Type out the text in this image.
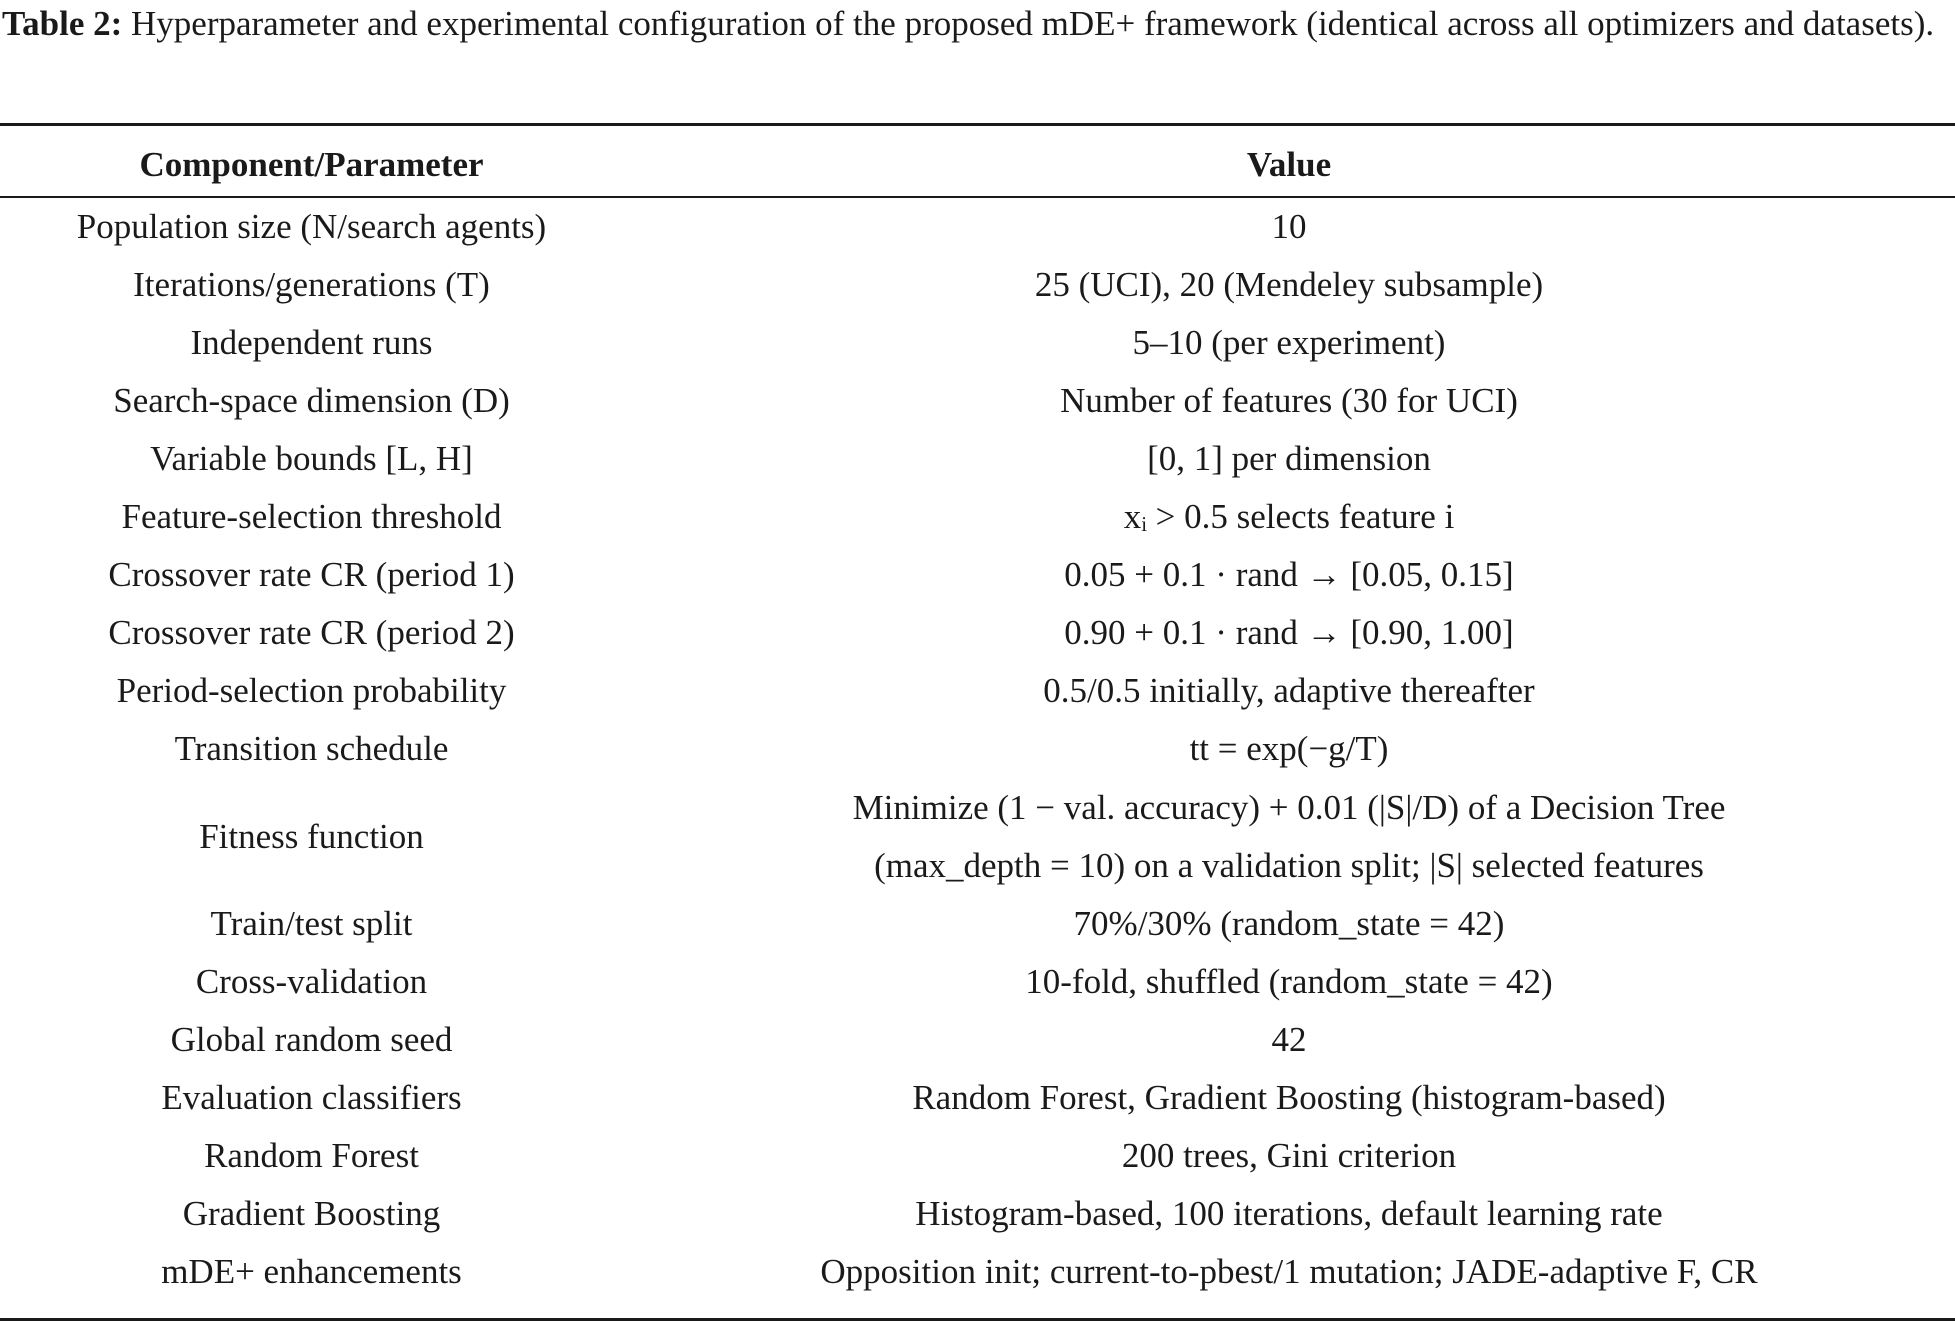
Table 2: Hyperparameter and experimental configuration of the proposed mDE+ framework (identical across all optimizers and datasets).
Component/Parameter	Value
Population size (N/search agents)	10
Iterations/generations (T)	25 (UCI), 20 (Mendeley subsample)
Independent runs	5–10 (per experiment)
Search-space dimension (D)	Number of features (30 for UCI)
Variable bounds [L, H]	[0, 1] per dimension
Feature-selection threshold	xᵢ > 0.5 selects feature i
Crossover rate CR (period 1)	0.05 + 0.1 · rand → [0.05, 0.15]
Crossover rate CR (period 2)	0.90 + 0.1 · rand → [0.90, 1.00]
Period-selection probability	0.5/0.5 initially, adaptive thereafter
Transition schedule	tt = exp(−g/T)
Fitness function	Minimize (1 − val. accuracy) + 0.01 (|S|/D) of a Decision Tree
(max_depth = 10) on a validation split; |S| selected features

Train/test split	70%/30% (random_state = 42)
Cross-validation	10-fold, shuffled (random_state = 42)
Global random seed	42
Evaluation classifiers	Random Forest, Gradient Boosting (histogram-based)
Random Forest	200 trees, Gini criterion
Gradient Boosting	Histogram-based, 100 iterations, default learning rate
mDE+ enhancements	Opposition init; current-to-pbest/1 mutation; JADE-adaptive F, CR
